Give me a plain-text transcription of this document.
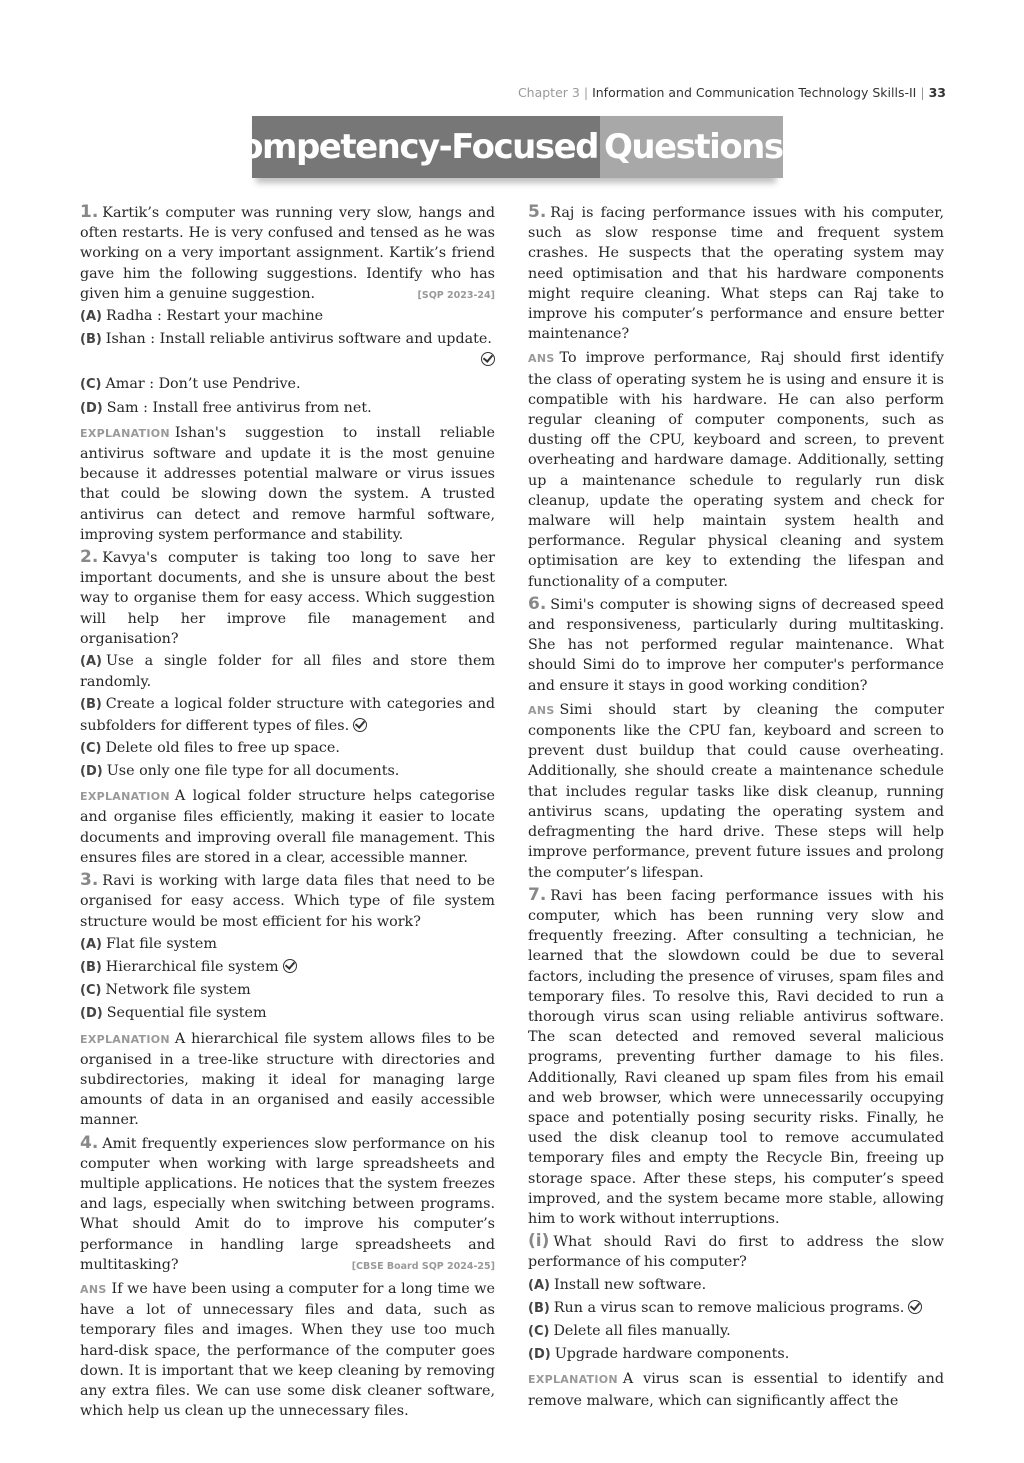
Chapter 3 | Information and Communication Technology Skills-II | 33
Competency-Focused Questions

1. Kartik’s computer was running very slow, hangs and often restarts. He is very confused and tensed as he was working on a very important assignment. Kartik’s friend gave him the following suggestions. Identify who has given him a genuine suggestion.	[SQP 2023-24]

(A) Radha : Restart your machine

(B) Ishan : Install reliable antivirus software and update.

(C) Amar : Don’t use Pendrive.

(D) Sam : Install free antivirus from net.

EXPLANATION Ishan's suggestion to install reliable antivirus software and update it is the most genuine because it addresses potential malware or virus issues that could be slowing down the system. A trusted antivirus can detect and remove harmful software, improving system performance and stability.

2. Kavya's computer is taking too long to save her important documents, and she is unsure about the best way to organise them for easy access. Which suggestion will help her improve file management and organisation?

(A) Use a single folder for all files and store them randomly.

(B) Create a logical folder structure with categories and subfolders for different types of files.

(C) Delete old files to free up space.

(D) Use only one file type for all documents.

EXPLANATION A logical folder structure helps categorise and organise files efficiently, making it easier to locate documents and improving overall file management. This ensures files are stored in a clear, accessible manner.

3. Ravi is working with large data files that need to be organised for easy access. Which type of file system structure would be most efficient for his work?

(A) Flat file system

(B) Hierarchical file system

(C) Network file system

(D) Sequential file system

EXPLANATION A hierarchical file system allows files to be organised in a tree-like structure with directories and subdirectories, making it ideal for managing large amounts of data in an organised and easily accessible manner.

4. Amit frequently experiences slow performance on his computer when working with large spreadsheets and multiple applications. He notices that the system freezes and lags, especially when switching between programs. What should Amit do to improve his computer’s performance in handling large spreadsheets and multitasking?	[CBSE Board SQP 2024-25]

ANS If we have been using a computer for a long time we have a lot of unnecessary files and data, such as temporary files and images. When they use too much hard-disk space, the performance of the computer goes down. It is important that we keep cleaning by removing any extra files. We can use some disk cleaner software, which help us clean up the unnecessary files.

5. Raj is facing performance issues with his computer, such as slow response time and frequent system crashes. He suspects that the operating system may need optimisation and that his hardware components might require cleaning. What steps can Raj take to improve his computer’s performance and ensure better maintenance?

ANS To improve performance, Raj should first identify the class of operating system he is using and ensure it is compatible with his hardware. He can also perform regular cleaning of computer components, such as dusting off the CPU, keyboard and screen, to prevent overheating and hardware damage. Additionally, setting up a maintenance schedule to regularly run disk cleanup, update the operating system and check for malware will help maintain system health and performance. Regular physical cleaning and system optimisation are key to extending the lifespan and functionality of a computer.

6. Simi's computer is showing signs of decreased speed and responsiveness, particularly during multitasking. She has not performed regular maintenance. What should Simi do to improve her computer's performance and ensure it stays in good working condition?

ANS Simi should start by cleaning the computer components like the CPU fan, keyboard and screen to prevent dust buildup that could cause overheating. Additionally, she should create a maintenance schedule that includes regular tasks like disk cleanup, running antivirus scans, updating the operating system and defragmenting the hard drive. These steps will help improve performance, prevent future issues and prolong the computer’s lifespan.

7. Ravi has been facing performance issues with his computer, which has been running very slow and frequently freezing. After consulting a technician, he learned that the slowdown could be due to several factors, including the presence of viruses, spam files and temporary files. To resolve this, Ravi decided to run a thorough virus scan using reliable antivirus software. The scan detected and removed several malicious programs, preventing further damage to his files. Additionally, Ravi cleaned up spam files from his email and web browser, which were unnecessarily occupying space and potentially posing security risks. Finally, he used the disk cleanup tool to remove accumulated temporary files and empty the Recycle Bin, freeing up storage space. After these steps, his computer’s speed improved, and the system became more stable, allowing him to work without interruptions.

(i) What should Ravi do first to address the slow performance of his computer?

(A) Install new software.

(B) Run a virus scan to remove malicious programs.

(C) Delete all files manually.

(D) Upgrade hardware components.

EXPLANATION A virus scan is essential to identify and remove malware, which can significantly affect the
